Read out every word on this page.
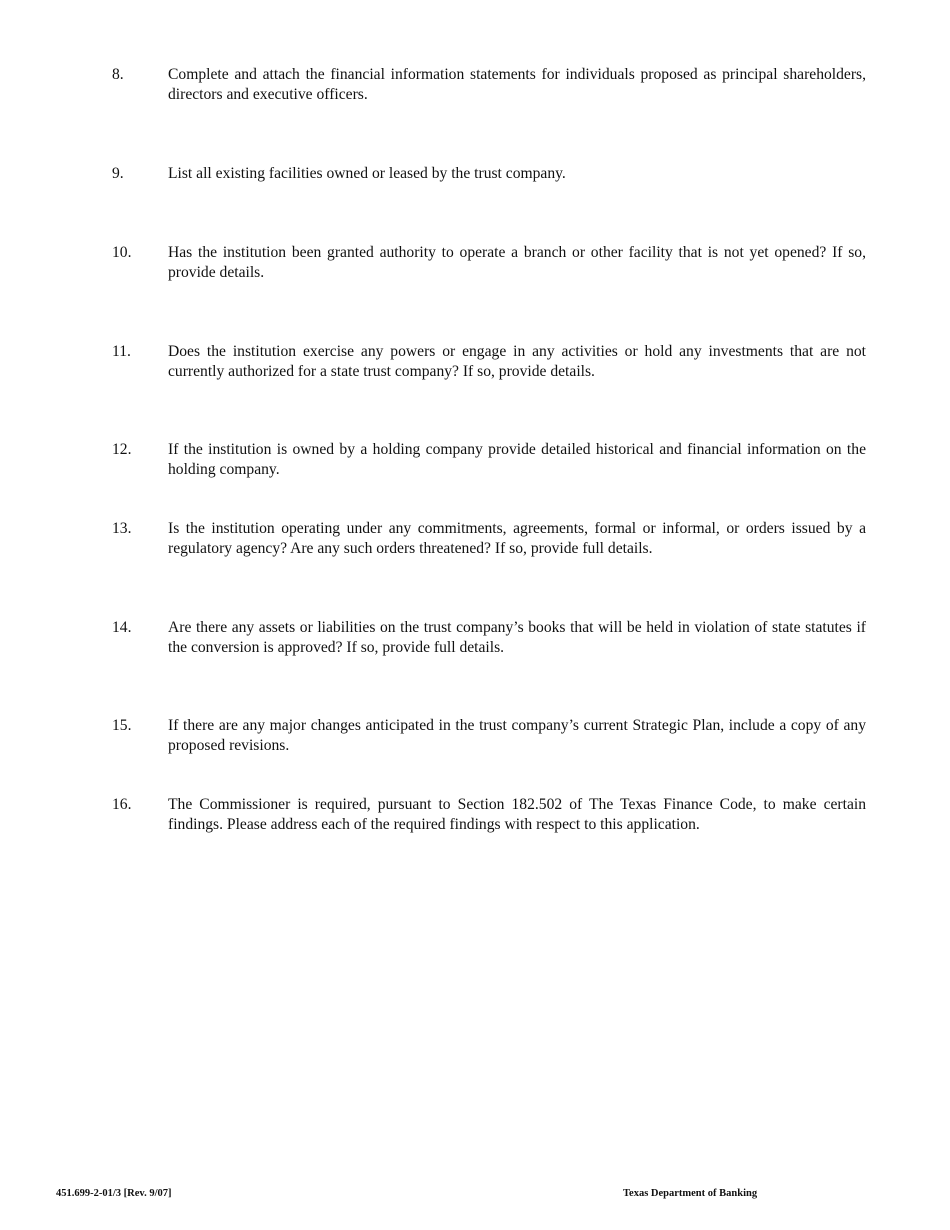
8.	Complete and attach the financial information statements for individuals proposed as principal shareholders, directors and executive officers.
9.	List all existing facilities owned or leased by the trust company.
10.	Has the institution been granted authority to operate a branch or other facility that is not yet opened? If so, provide details.
11.	Does the institution exercise any powers or engage in any activities or hold any investments that are not currently authorized for a state trust company? If so, provide details.
12.	If the institution is owned by a holding company provide detailed historical and financial information on the holding company.
13.	Is the institution operating under any commitments, agreements, formal or informal, or orders issued by a regulatory agency? Are any such orders threatened? If so, provide full details.
14.	Are there any assets or liabilities on the trust company’s books that will be held in violation of state statutes if the conversion is approved? If so, provide full details.
15.	If there are any major changes anticipated in the trust company’s current Strategic Plan, include a copy of any proposed revisions.
16.	The Commissioner is required, pursuant to Section 182.502 of The Texas Finance Code, to make certain findings. Please address each of the required findings with respect to this application.
451.699-2-01/3 [Rev. 9/07]	Texas Department of Banking
